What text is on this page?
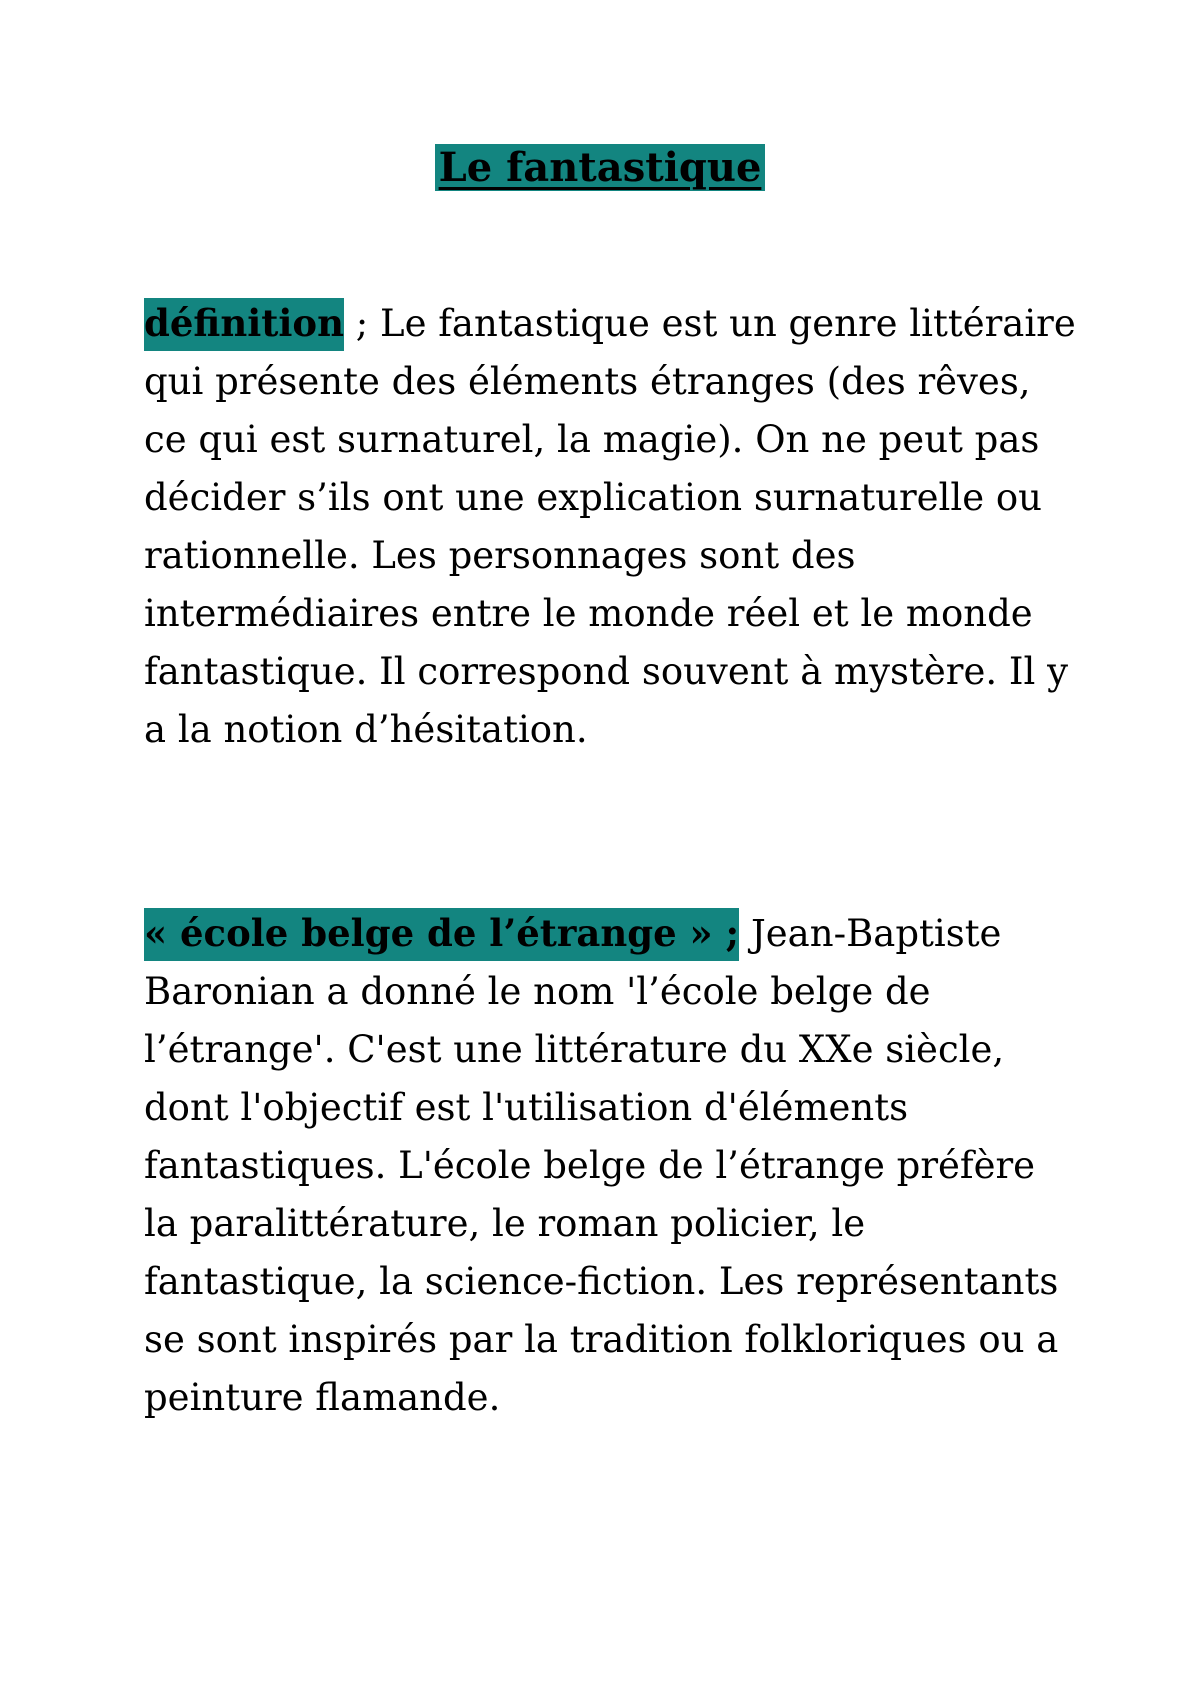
Le fantastique

définition ; Le fantastique est un genre littéraire qui présente des éléments étranges (des rêves, ce qui est surnaturel, la magie). On ne peut pas décider s’ils ont une explication surnaturelle ou rationnelle. Les personnages sont des intermédiaires entre le monde réel et le monde fantastique. Il correspond souvent à mystère. Il y a la notion d’hésitation.

« école belge de l’étrange » ; Jean-Baptiste Baronian a donné le nom 'l’école belge de l’étrange'. C'est une littérature du XXe siècle, dont l'objectif est l'utilisation d'éléments fantastiques. L'école belge de l’étrange préfère la paralittérature, le roman policier, le fantastique, la science-fiction. Les représentants se sont inspirés par la tradition folkloriques ou a peinture flamande.
